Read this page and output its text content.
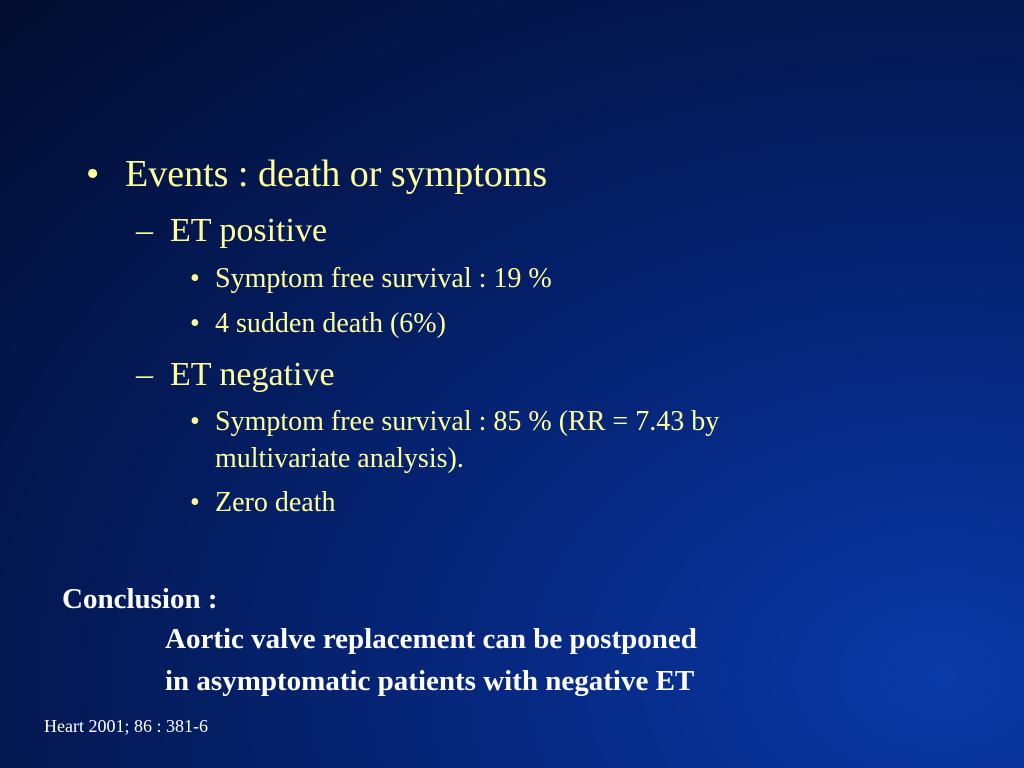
• Events : death or symptoms
– ET positive
• Symptom free survival : 19 %
• 4 sudden death (6%)
– ET negative
• Symptom free survival : 85 % (RR = 7.43 by
multivariate analysis).
• Zero death
Conclusion :
Aortic valve replacement can be postponed
in asymptomatic patients with negative ET
Heart 2001; 86 : 381-6
